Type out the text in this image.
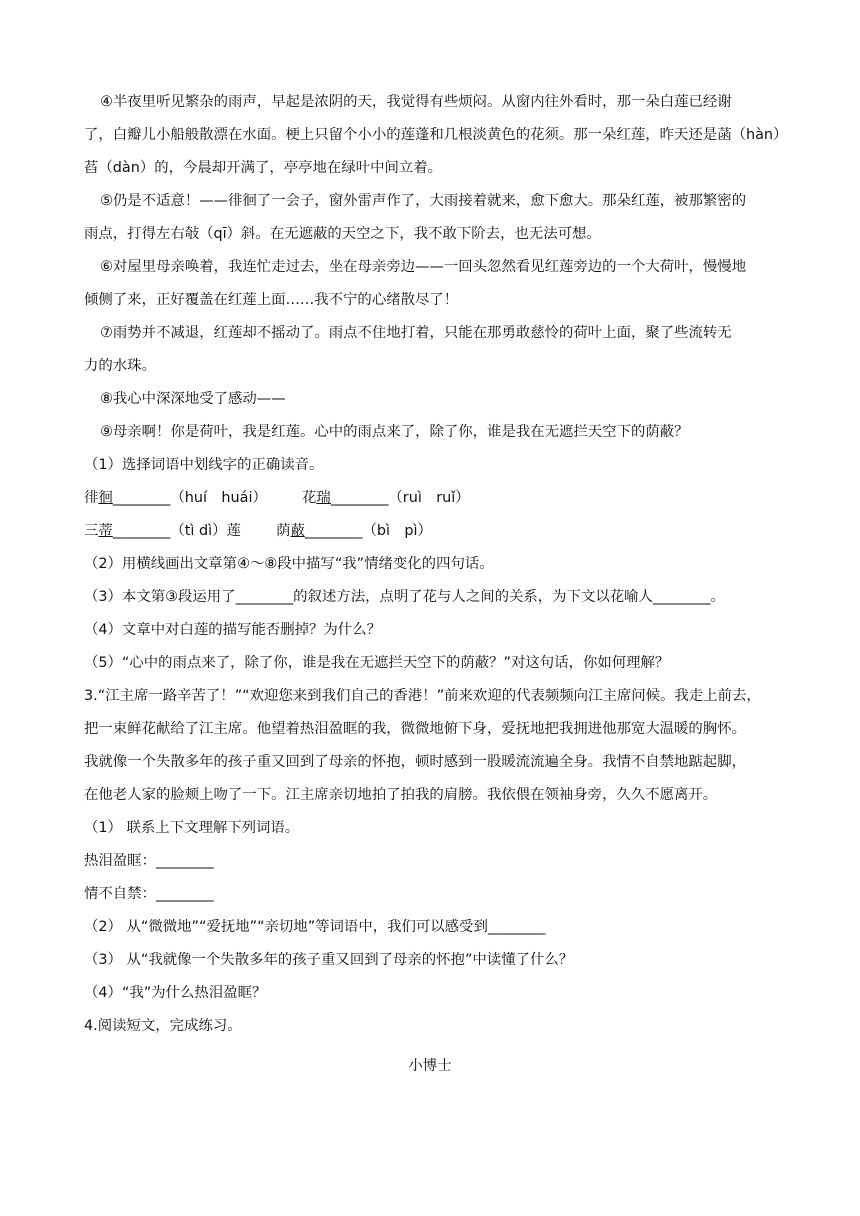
④半夜里听见繁杂的雨声，早起是浓阴的天，我觉得有些烦闷。从窗内往外看时，那一朵白莲已经谢
了，白瓣儿小船般散漂在水面。梗上只留个小小的莲蓬和几根淡黄色的花须。那一朵红莲，昨天还是菡（hàn）
萏（dàn）的，今晨却开满了，亭亭地在绿叶中间立着。
⑤仍是不适意！——徘徊了一会子，窗外雷声作了，大雨接着就来，愈下愈大。那朵红莲，被那繁密的
雨点，打得左右敧（qī）斜。在无遮蔽的天空之下，我不敢下阶去，也无法可想。
⑥对屋里母亲唤着，我连忙走过去，坐在母亲旁边——一回头忽然看见红莲旁边的一个大荷叶，慢慢地
倾侧了来，正好覆盖在红莲上面……我不宁的心绪散尽了！
⑦雨势并不减退，红莲却不摇动了。雨点不住地打着，只能在那勇敢慈怜的荷叶上面，聚了些流转无
力的水珠。
⑧我心中深深地受了感动——
⑨母亲啊！你是荷叶，我是红莲。心中的雨点来了，除了你，谁是我在无遮拦天空下的荫蔽？
（1）选择词语中划线字的正确读音。
徘徊________（huí　huái） 花瑞________（ruì　ruǐ）
三蒂________（tì dì）莲 荫蔽________（bì　pì）
（2）用横线画出文章第④～⑧段中描写“我”情绪变化的四句话。
（3）本文第③段运用了________的叙述方法，点明了花与人之间的关系，为下文以花喻人________。
（4）文章中对白莲的描写能否删掉？为什么？
（5）“心中的雨点来了，除了你，谁是我在无遮拦天空下的荫蔽？”对这句话，你如何理解？
3.“江主席一路辛苦了！”“欢迎您来到我们自己的香港！”前来欢迎的代表频频向江主席问候。我走上前去，
把一束鲜花献给了江主席。他望着热泪盈眶的我，微微地俯下身，爱抚地把我拥进他那宽大温暖的胸怀。
我就像一个失散多年的孩子重又回到了母亲的怀抱，顿时感到一股暖流流遍全身。我情不自禁地踮起脚，
在他老人家的脸颊上吻了一下。江主席亲切地拍了拍我的肩膀。我依偎在领袖身旁，久久不愿离开。
（1） 联系上下文理解下列词语。
热泪盈眶：________
情不自禁：________
（2） 从“微微地”“爱抚地”“亲切地”等词语中，我们可以感受到________
（3） 从“我就像一个失散多年的孩子重又回到了母亲的怀抱”中读懂了什么？
（4）“我”为什么热泪盈眶？
4.阅读短文，完成练习。
小博士
